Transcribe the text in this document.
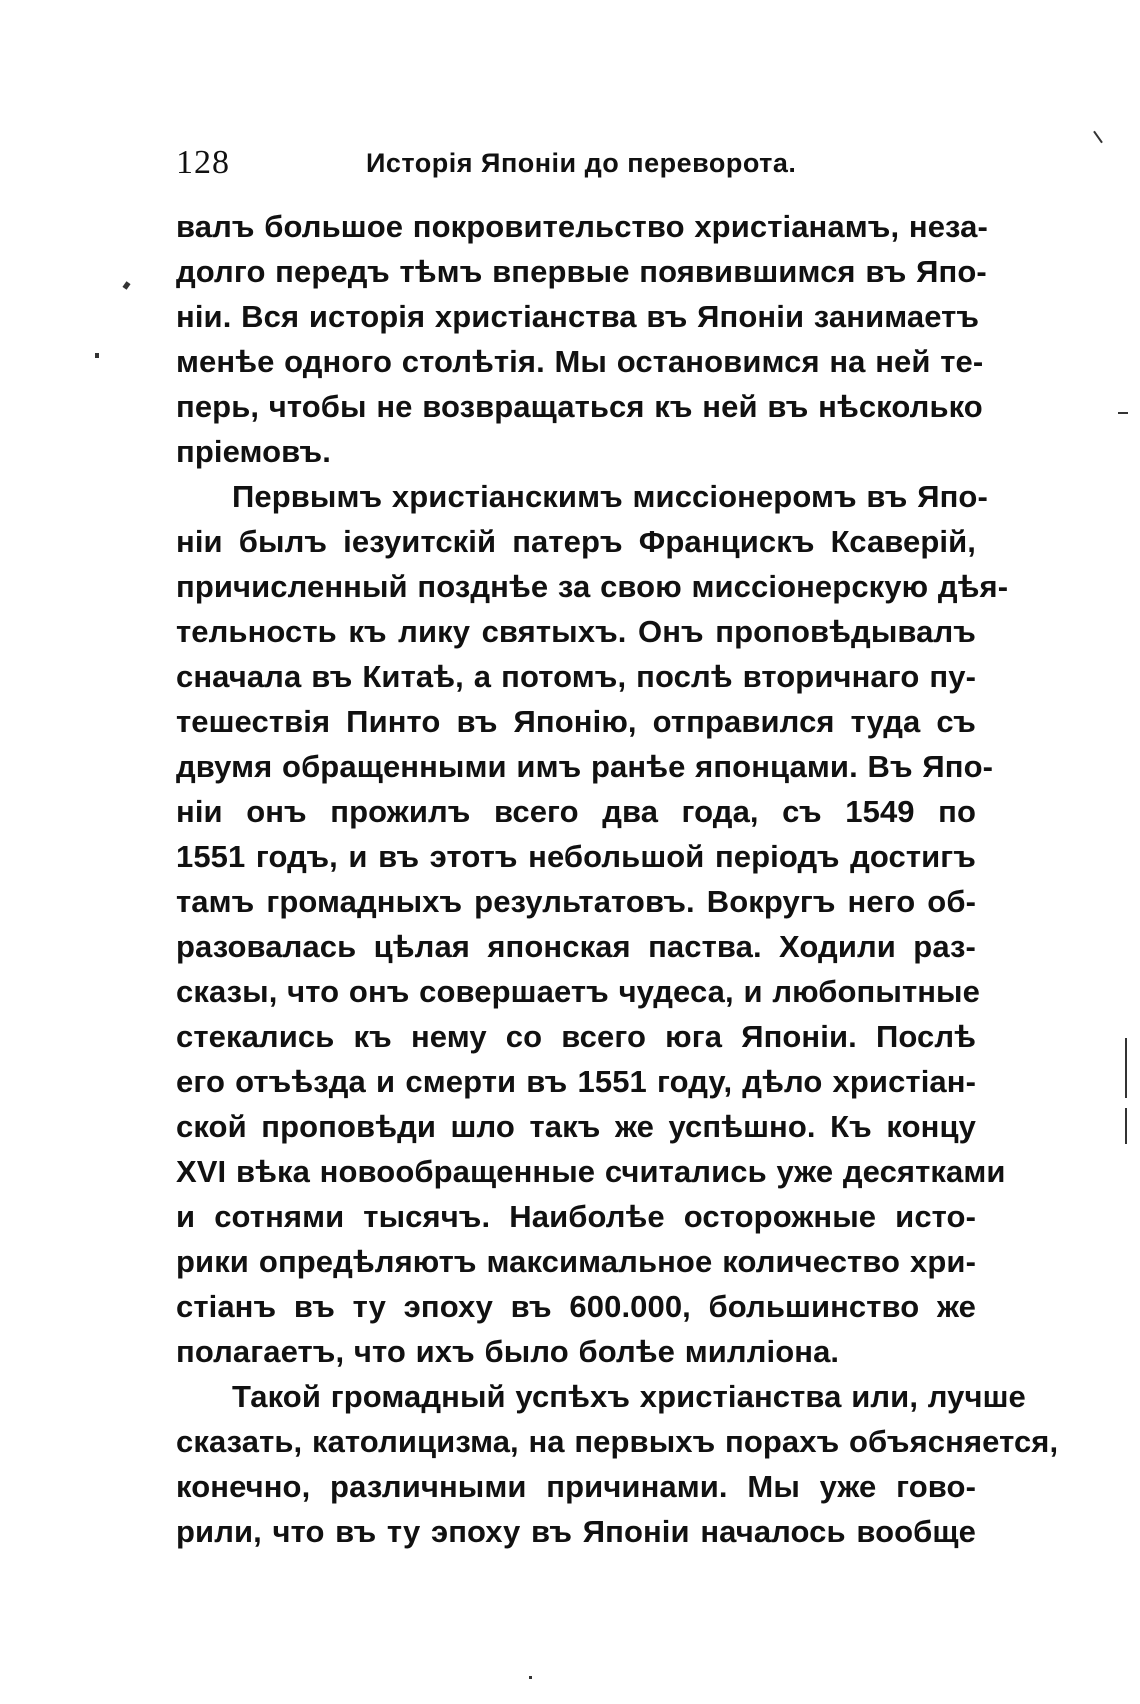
128	Исторія Японіи до переворота.
валъ большое покровительство христіанамъ, неза-
долго передъ тѣмъ впервые появившимся въ Япо-
ніи. Вся исторія христіанства въ Японіи занимаетъ
менѣе одного столѣтія. Мы остановимся на ней те-
перь, чтобы не возвращаться къ ней въ нѣсколько
пріемовъ.
Первымъ христіанскимъ миссіонеромъ въ Япо-
ніи былъ іезуитскій патеръ Францискъ Ксаверій,
причисленный позднѣе за свою миссіонерскую дѣя-
тельность къ лику святыхъ. Онъ проповѣдывалъ
сначала въ Китаѣ, а потомъ, послѣ вторичнаго пу-
тешествія Пинто въ Японію, отправился туда съ
двумя обращенными имъ ранѣе японцами. Въ Япо-
ніи онъ прожилъ всего два года, съ 1549 по
1551 годъ, и въ этотъ небольшой періодъ достигъ
тамъ громадныхъ результатовъ. Вокругъ него об-
разовалась цѣлая японская паства. Ходили раз-
сказы, что онъ совершаетъ чудеса, и любопытные
стекались къ нему со всего юга Японіи. Послѣ
его отъѣзда и смерти въ 1551 году, дѣло христіан-
ской проповѣди шло такъ же успѣшно. Къ концу
XVI вѣка новообращенные считались уже десятками
и сотнями тысячъ. Наиболѣе осторожные исто-
рики опредѣляютъ максимальное количество хри-
стіанъ въ ту эпоху въ 600.000, большинство же
полагаетъ, что ихъ было болѣе милліона.
Такой громадный успѣхъ христіанства или, лучше
сказать, католицизма, на первыхъ порахъ объясняется,
конечно, различными причинами. Мы уже гово-
рили, что въ ту эпоху въ Японіи началось вообще
